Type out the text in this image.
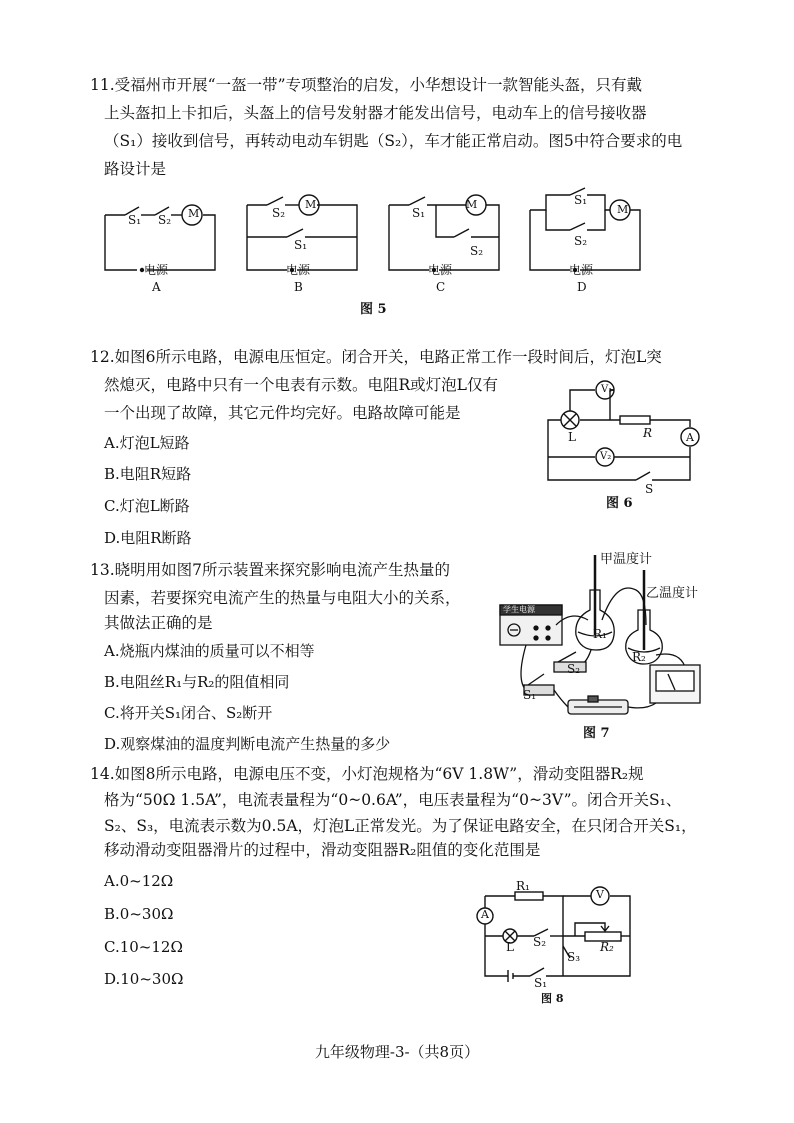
11.受福州市开展“一盔一带”专项整治的启发，小华想设计一款智能头盔，只有戴
上头盔扣上卡扣后，头盔上的信号发射器才能发出信号，电动车上的信号接收器
（S₁）接收到信号，再转动电动车钥匙（S₂），车才能正常启动。图5中符合要求的电
路设计是
S₁ S₂ M
电源
A
S₂
M
S₁
电源
B
S₁
M
S₂
电源
C
S₁
M
S₂
电源
D
图 5
12.如图6所示电路，电源电压恒定。闭合开关，电路正常工作一段时间后，灯泡L突
然熄灭，电路中只有一个电表有示数。电阻R或灯泡L仅有
一个出现了故障，其它元件均完好。电路故障可能是
A.灯泡L短路
B.电阻R短路
C.灯泡L断路
D.电阻R断路
V₁
L	R	A
V₂
S
图 6
13.晓明用如图7所示装置来探究影响电流产生热量的
因素，若要探究电流产生的热量与电阻大小的关系，
其做法正确的是
A.烧瓶内煤油的质量可以不相等
B.电阻丝R₁与R₂的阻值相同
C.将开关S₁闭合、S₂断开
D.观察煤油的温度判断电流产生热量的多少
甲温度计
乙温度计
学生电源
R₁
R₂
S₂
S₁
图 7
14.如图8所示电路，电源电压不变，小灯泡规格为“6V 1.8W”，滑动变阻器R₂规
格为“50Ω 1.5A”，电流表量程为“0~0.6A”，电压表量程为“0~3V”。闭合开关S₁、
S₂、S₃，电流表示数为0.5A，灯泡L正常发光。为了保证电路安全，在只闭合开关S₁，
移动滑动变阻器滑片的过程中，滑动变阻器R₂阻值的变化范围是
A.0~12Ω
B.0~30Ω
C.10~12Ω
D.10~30Ω
R₁
V
A
L S₂
S₃
R₂
S₁
图 8
九年级物理-3-（共8页）
